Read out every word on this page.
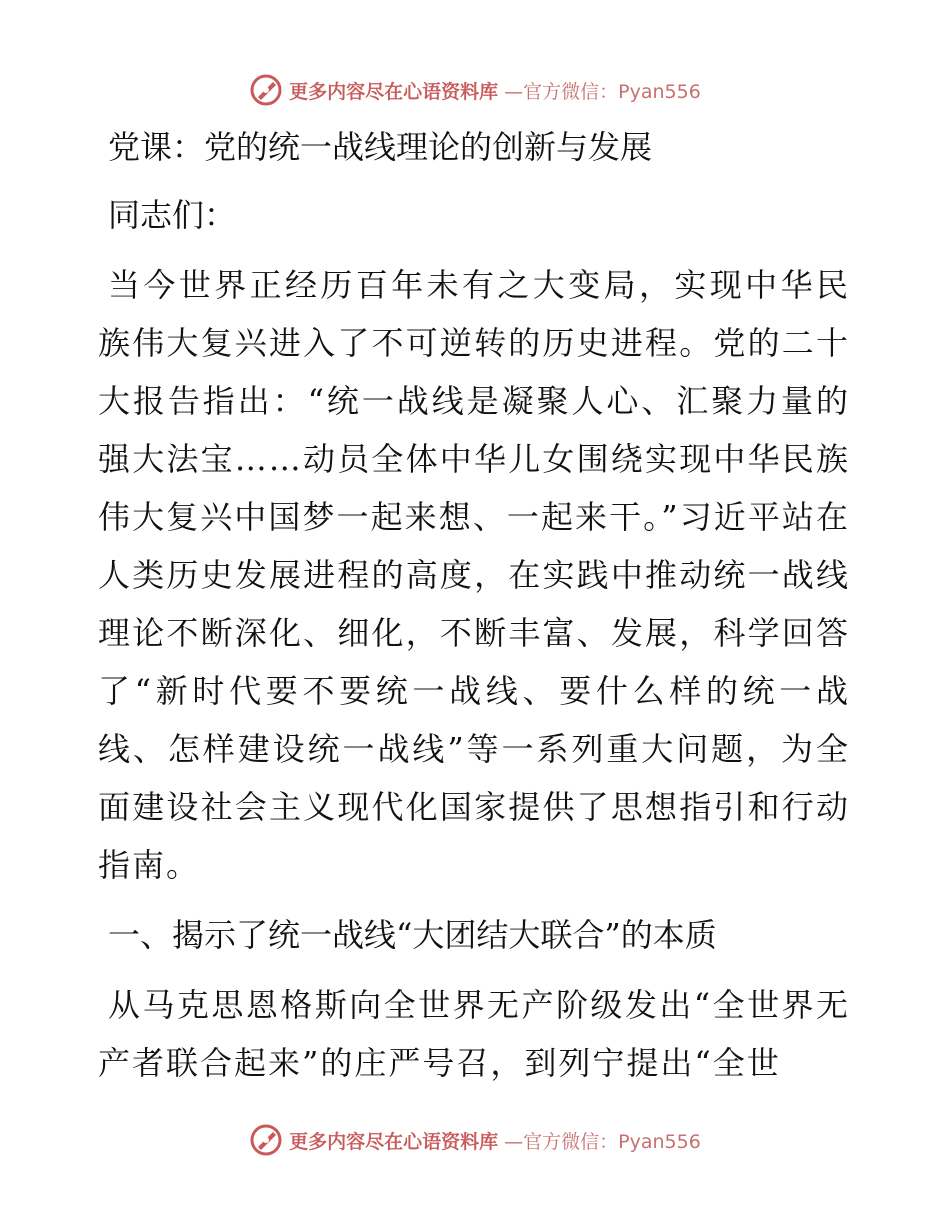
更多内容尽在心语资料库 —官方微信：Pyan556
党课：党的统一战线理论的创新与发展

同志们：

当今世界正经历百年未有之大变局，实现中华民族伟大复兴进入了不可逆转的历史进程。党的二十大报告指出：“统一战线是凝聚人心、汇聚力量的强大法宝……动员全体中华儿女围绕实现中华民族伟大复兴中国梦一起来想、一起来干。”习近平站在人类历史发展进程的高度，在实践中推动统一战线理论不断深化、细化，不断丰富、发展，科学回答了“新时代要不要统一战线、要什么样的统一战线、怎样建设统一战线”等一系列重大问题，为全面建设社会主义现代化国家提供了思想指引和行动指南。

一、揭示了统一战线“大团结大联合”的本质

从马克思恩格斯向全世界无产阶级发出“全世界无产者联合起来”的庄严号召，到列宁提出“全世

更多内容尽在心语资料库 —官方微信：Pyan556
